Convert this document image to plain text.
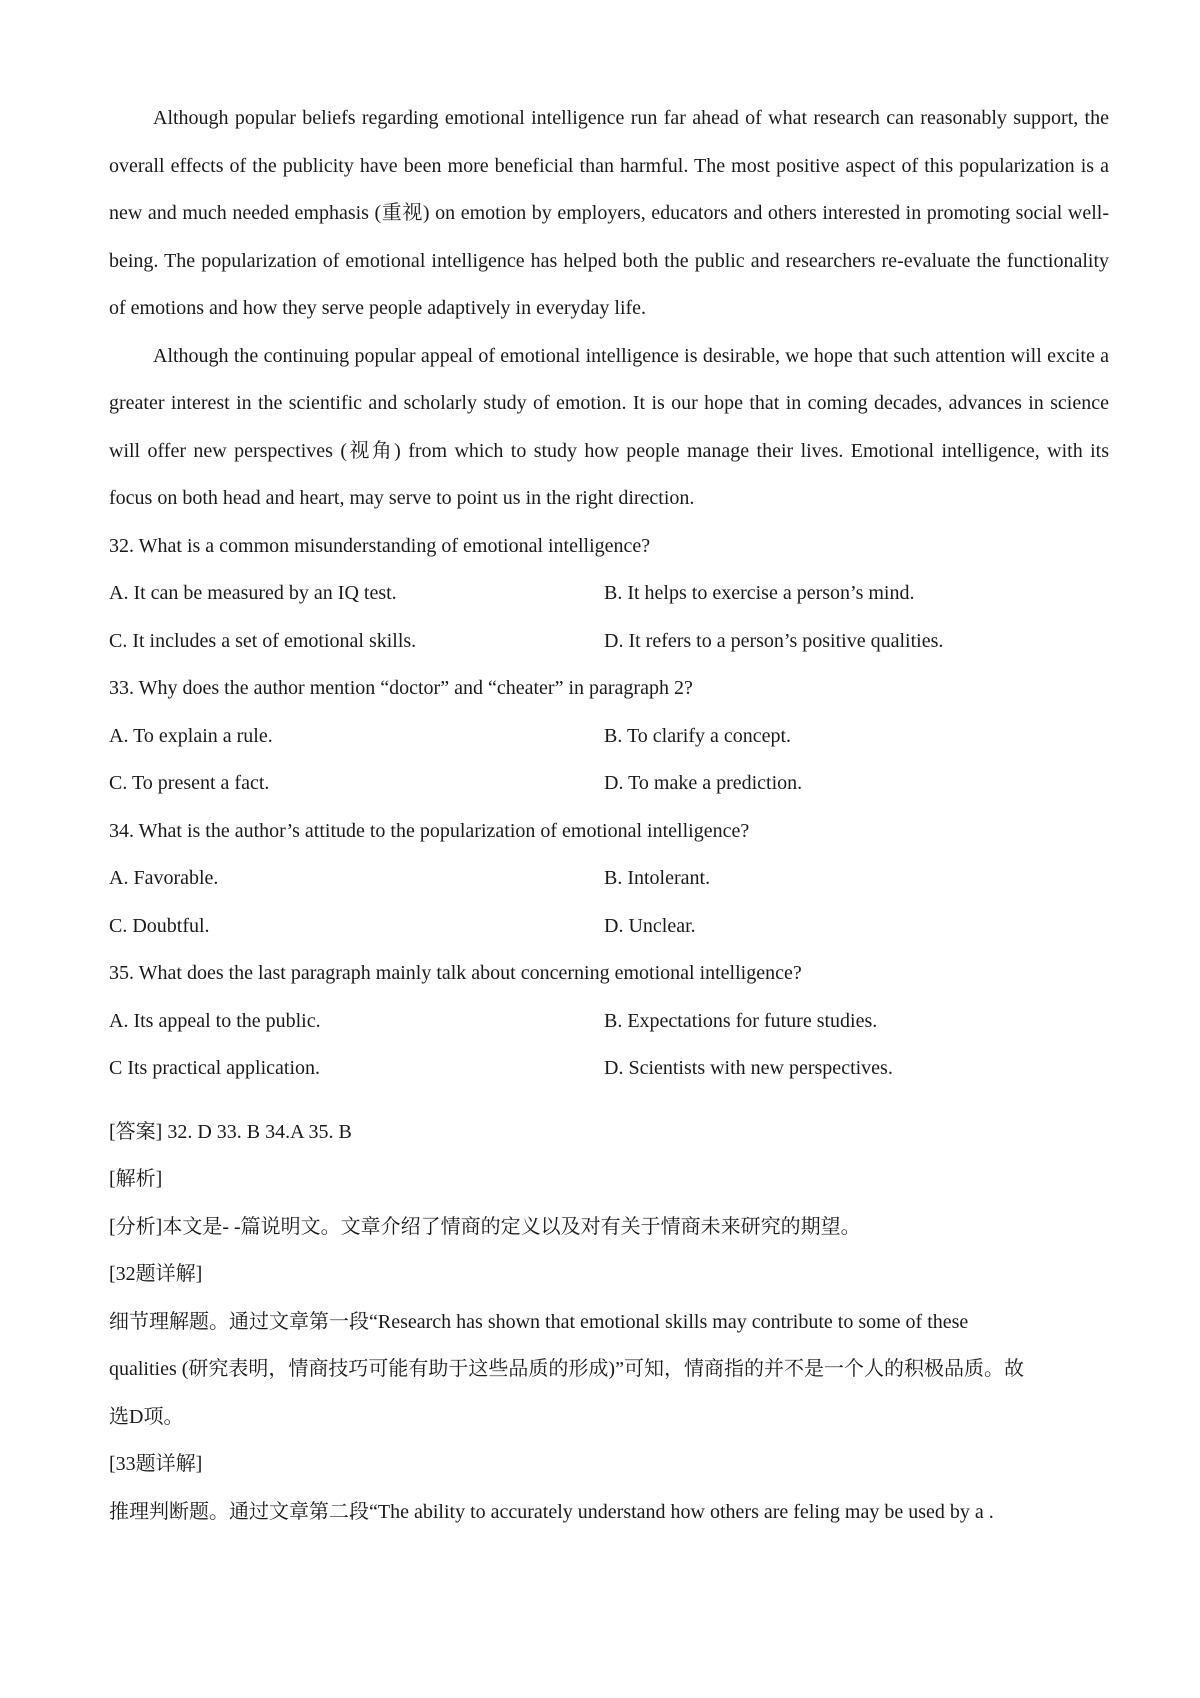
Although popular beliefs regarding emotional intelligence run far ahead of what research can reasonably support, the overall effects of the publicity have been more beneficial than harmful. The most positive aspect of this popularization is a new and much needed emphasis (重视) on emotion by employers, educators and others interested in promoting social well-being. The popularization of emotional intelligence has helped both the public and researchers re-evaluate the functionality of emotions and how they serve people adaptively in everyday life.

Although the continuing popular appeal of emotional intelligence is desirable, we hope that such attention will excite a greater interest in the scientific and scholarly study of emotion. It is our hope that in coming decades, advances in science will offer new perspectives (视角) from which to study how people manage their lives. Emotional intelligence, with its focus on both head and heart, may serve to point us in the right direction.

32. What is a common misunderstanding of emotional intelligence?
A. It can be measured by an IQ test.	B. It helps to exercise a person’s mind.
C. It includes a set of emotional skills.	D. It refers to a person’s positive qualities.
33. Why does the author mention “doctor” and “cheater” in paragraph 2?
A. To explain a rule.	B. To clarify a concept.
C. To present a fact.	D. To make a prediction.
34. What is the author’s attitude to the popularization of emotional intelligence?
A. Favorable.	B. Intolerant.
C. Doubtful.	D. Unclear.
35. What does the last paragraph mainly talk about concerning emotional intelligence?
A. Its appeal to the public.	B. Expectations for future studies.
C Its practical application.	D. Scientists with new perspectives.
[答案] 32. D 33. B 34.A 35. B
[解析]
[分析]本文是- -篇说明文。文章介绍了情商的定义以及对有关于情商未来研究的期望。
[32题详解]
细节理解题。通过文章第一段“Research has shown that emotional skills may contribute to some of these
qualities (研究表明，情商技巧可能有助于这些品质的形成)”可知，情商指的并不是一个人的积极品质。故
选D项。
[33题详解]
推理判断题。通过文章第二段“The ability to accurately understand how others are feling may be used by a .
